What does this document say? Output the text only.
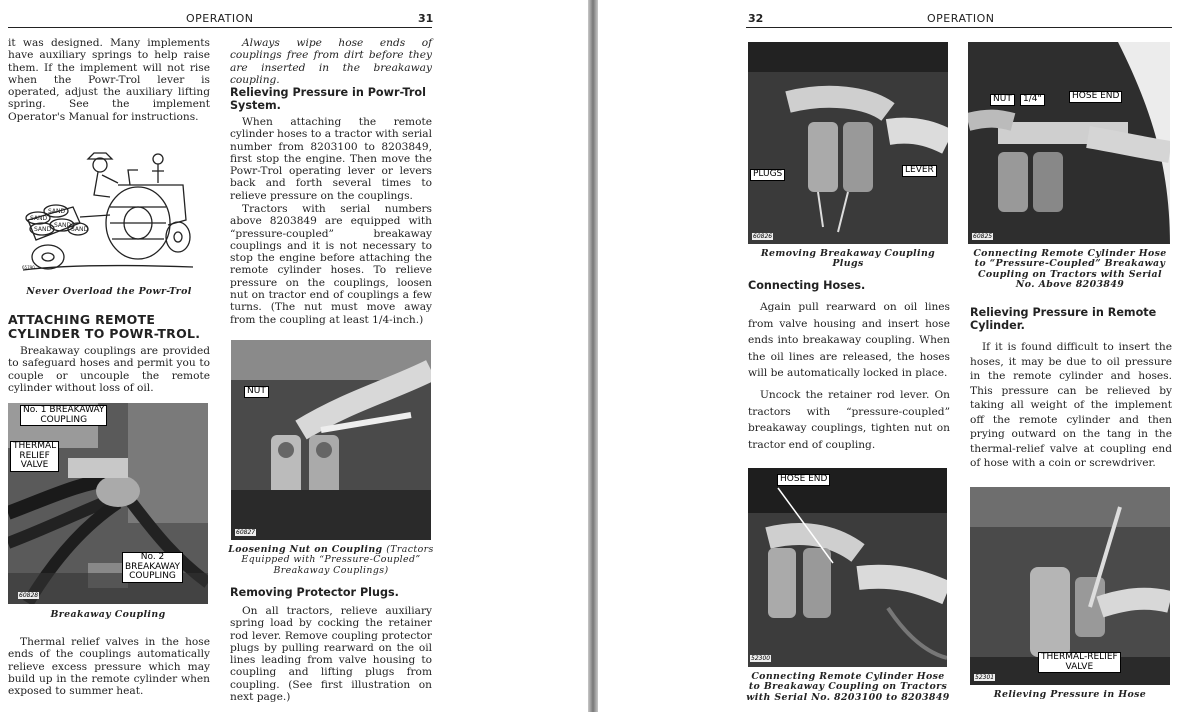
OPERATION	31

it was designed. Many implements have auxiliary springs to help raise them. If the implement will not rise when the Powr-Trol lever is operated, adjust the auxiliary lifting spring. See the implement Operator's Manual for instructions.

SAND
SAND
SAND
SAND
SAND
65790
Never Overload the Powr-Trol
ATTACHING REMOTE
CYLINDER TO POWR-TROL.

Breakaway couplings are provided to safeguard hoses and permit you to couple or uncouple the remote cylinder without loss of oil.

No. 1 BREAKAWAY
COUPLING
THERMAL
RELIEF
VALVE
No. 2
BREAKAWAY
COUPLING
60828
Breakaway Coupling

Thermal relief valves in the hose ends of the couplings automatically relieve excess pressure which may build up in the remote cylinder when exposed to summer heat.

Always wipe hose ends of couplings free from dirt before they are inserted in the breakaway coupling.

Relieving Pressure in Powr-Trol
System.

When attaching the remote cylinder hoses to a tractor with serial number from 8203100 to 8203849, first stop the engine. Then move the Powr-Trol operating lever or levers back and forth several times to relieve pressure on the couplings.

Tractors with serial numbers above 8203849 are equipped with “pressure-coupled” breakaway couplings and it is not necessary to stop the engine before attaching the remote cylinder hoses. To relieve pressure on the couplings, loosen nut on tractor end of couplings a few turns. (The nut must move away from the coupling at least 1/4-inch.)

NUT
60827
Loosening Nut on Coupling (Tractors Equipped with “Pressure-Coupled” Breakaway Couplings)
Removing Protector Plugs.

On all tractors, relieve auxiliary spring load by cocking the retainer rod lever. Remove coupling protector plugs by pulling rearward on the oil lines leading from valve housing to coupling and lifting plugs from coupling. (See first illustration on next page.)

32	OPERATION
PLUGS	LEVER
60826
Removing Breakaway Coupling Plugs
NUT	1/4"	HOSE END
60825
Connecting Remote Cylinder Hose to “Pressure-Coupled” Breakaway Coupling on Tractors with Serial No. Above 8203849
Connecting Hoses.

Again pull rearward on oil lines from valve housing and insert hose ends into breakaway coupling. When the oil lines are released, the hoses will be automatically locked in place.

Uncock the retainer rod lever. On tractors with “pressure-coupled” breakaway couplings, tighten nut on tractor end of coupling.

Relieving Pressure in Remote
Cylinder.

If it is found difficult to insert the hoses, it may be due to oil pressure in the remote cylinder and hoses. This pressure can be relieved by taking all weight of the implement off the remote cylinder and then prying outward on the tang in the thermal-relief valve at coupling end of hose with a coin or screwdriver.

HOSE END
52300
Connecting Remote Cylinder Hose to Breakaway Coupling on Tractors with Serial No. 8203100 to 8203849
THERMAL-RELIEF
VALVE
52301
Relieving Pressure in Hose
